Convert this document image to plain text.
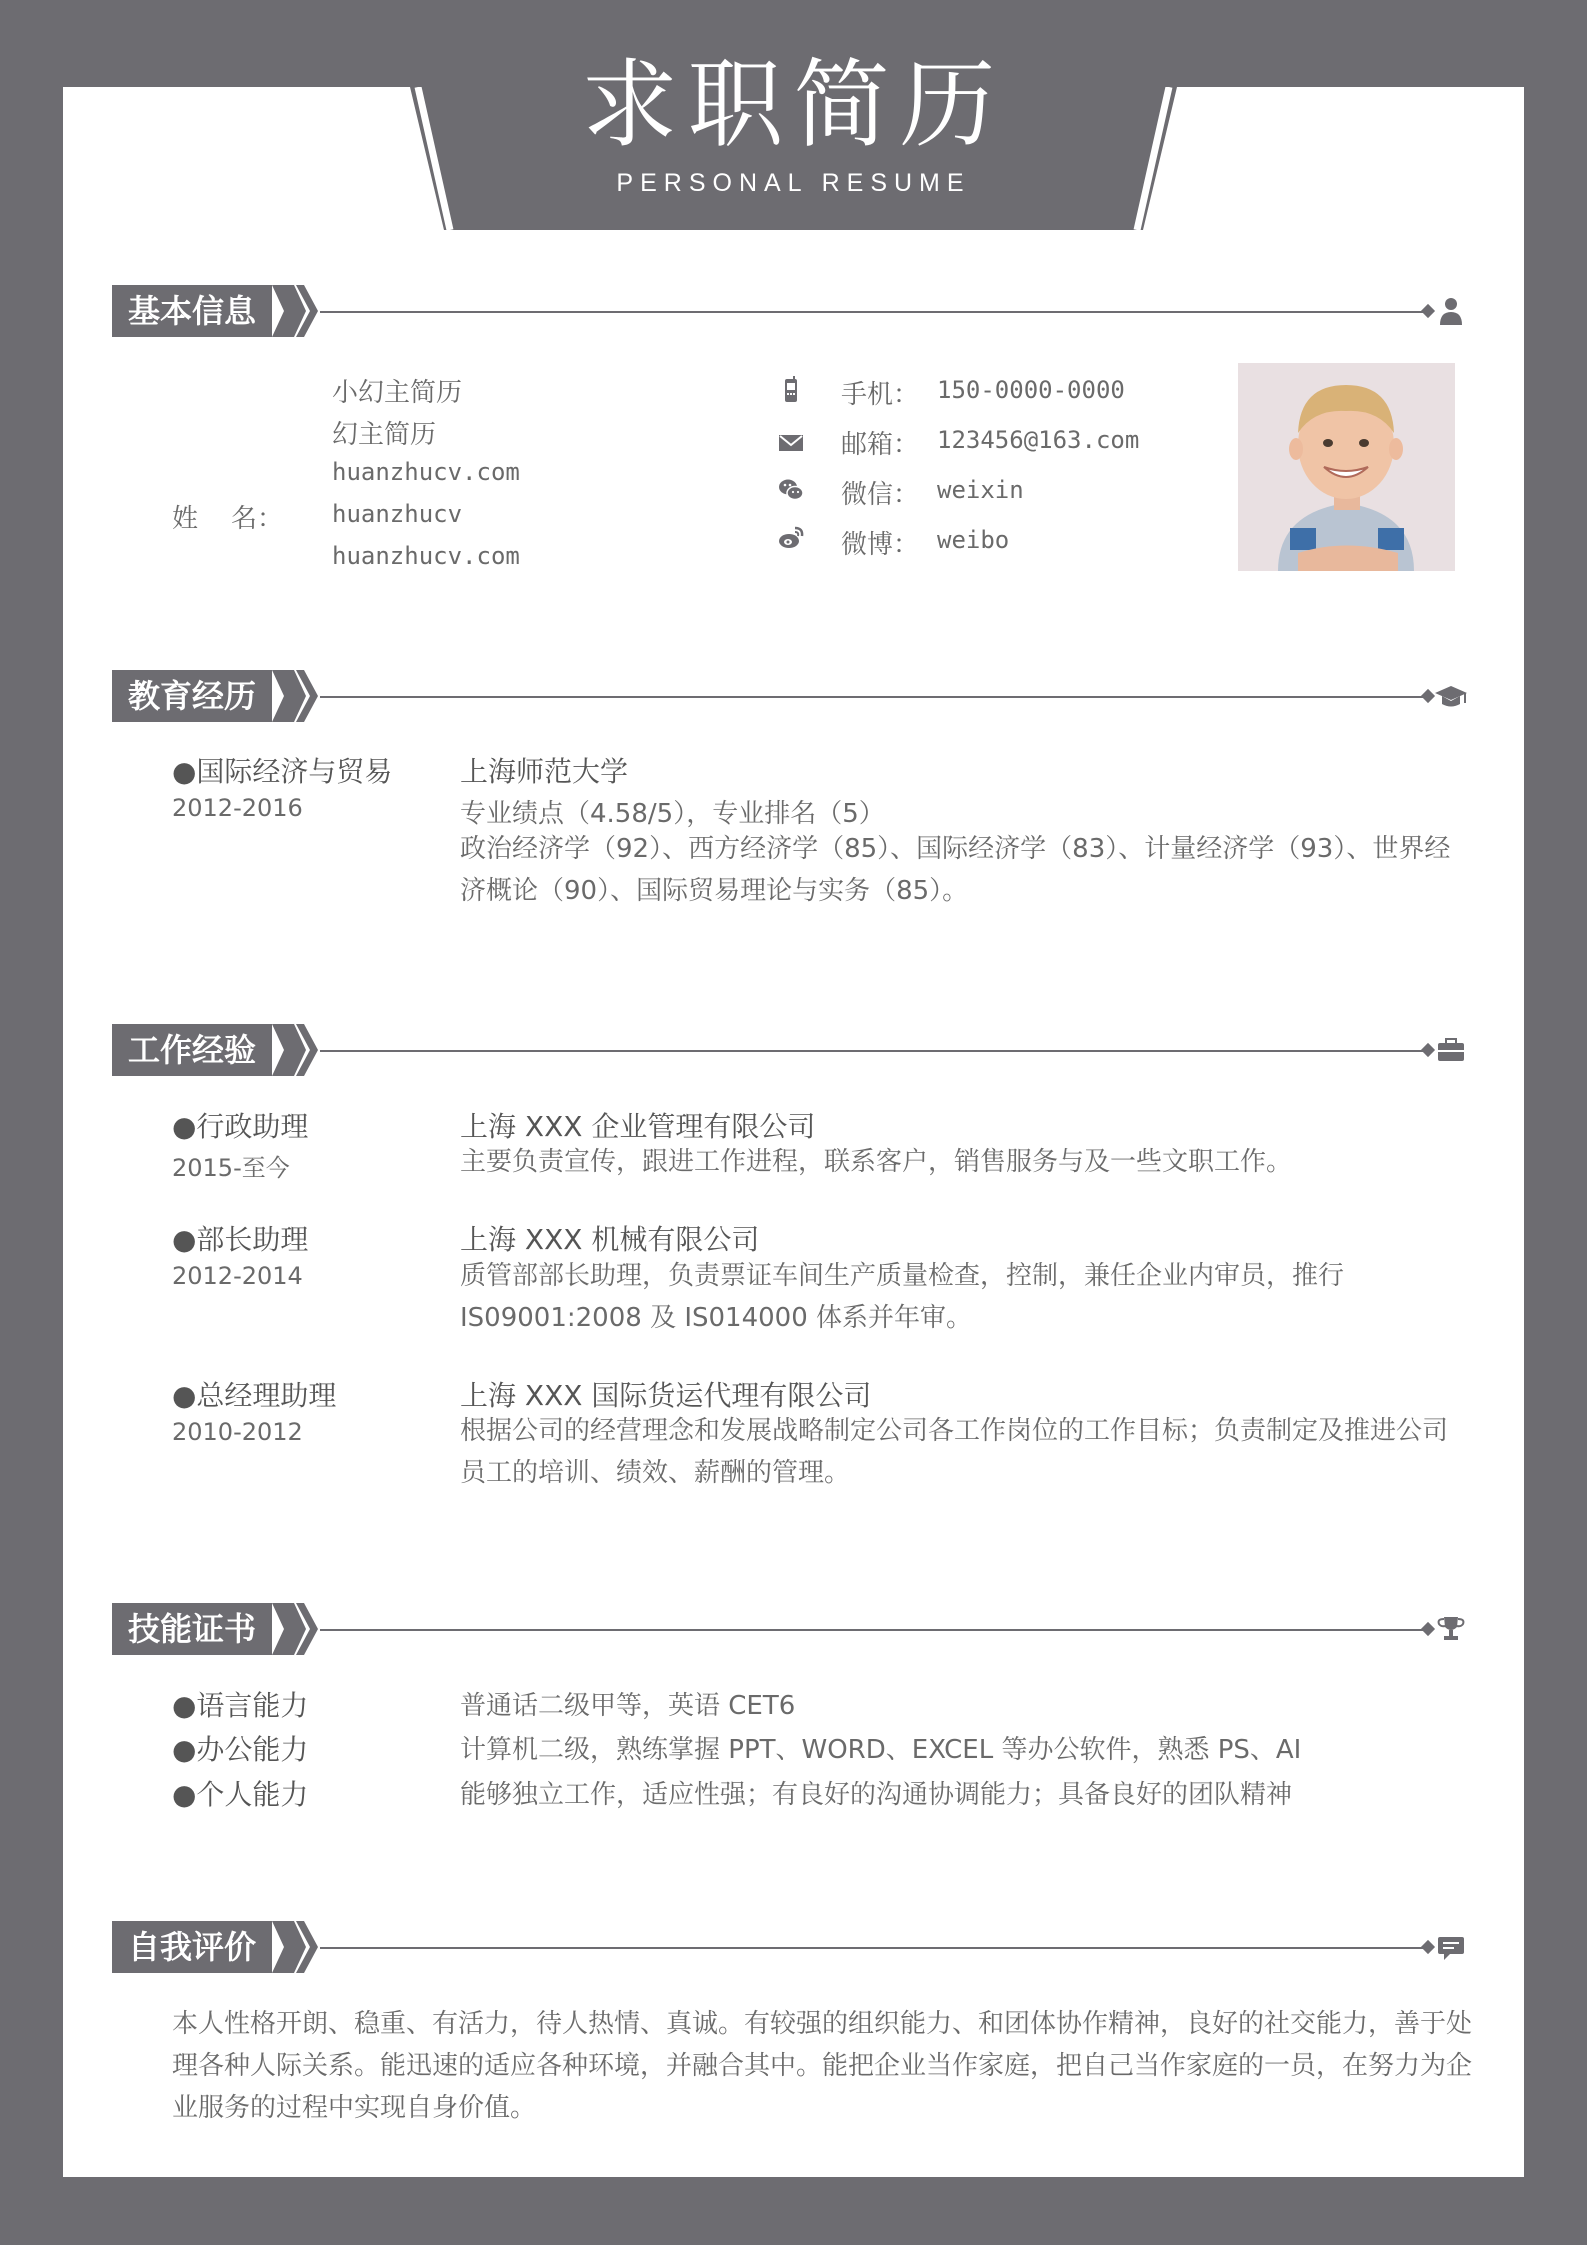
求职简历
PERSONAL RESUME
基本信息
小幻主简历
幻主简历
huanzhucv.com
姓    名： huanzhucv
huanzhucv.com
手机： 150-0000-0000
邮箱： 123456@163.com
微信： weixin
微博： weibo
教育经历
●国际经济与贸易
2012-2016
上海师范大学
专业绩点（4.58/5），专业排名（5）
政治经济学（92）、西方经济学（85）、国际经济学（83）、计量经济学（93）、世界经济概论（90）、国际贸易理论与实务（85）。
工作经验
●行政助理
2015-至今
上海 XXX 企业管理有限公司
主要负责宣传，跟进工作进程，联系客户，销售服务与及一些文职工作。
●部长助理
2012-2014
上海 XXX 机械有限公司
质管部部长助理，负责票证车间生产质量检查，控制，兼任企业内审员，推行 IS09001:2008 及 IS014000 体系并年审。
●总经理助理
2010-2012
上海 XXX 国际货运代理有限公司
根据公司的经营理念和发展战略制定公司各工作岗位的工作目标；负责制定及推进公司员工的培训、绩效、薪酬的管理。
技能证书
●语言能力	普通话二级甲等，英语 CET6
●办公能力	计算机二级，熟练掌握 PPT、WORD、EXCEL 等办公软件，熟悉 PS、AI
●个人能力	能够独立工作，适应性强；有良好的沟通协调能力；具备良好的团队精神
自我评价
本人性格开朗、稳重、有活力，待人热情、真诚。有较强的组织能力、和团体协作精神，良好的社交能力，善于处理各种人际关系。能迅速的适应各种环境，并融合其中。能把企业当作家庭，把自己当作家庭的一员，在努力为企业服务的过程中实现自身价值。
